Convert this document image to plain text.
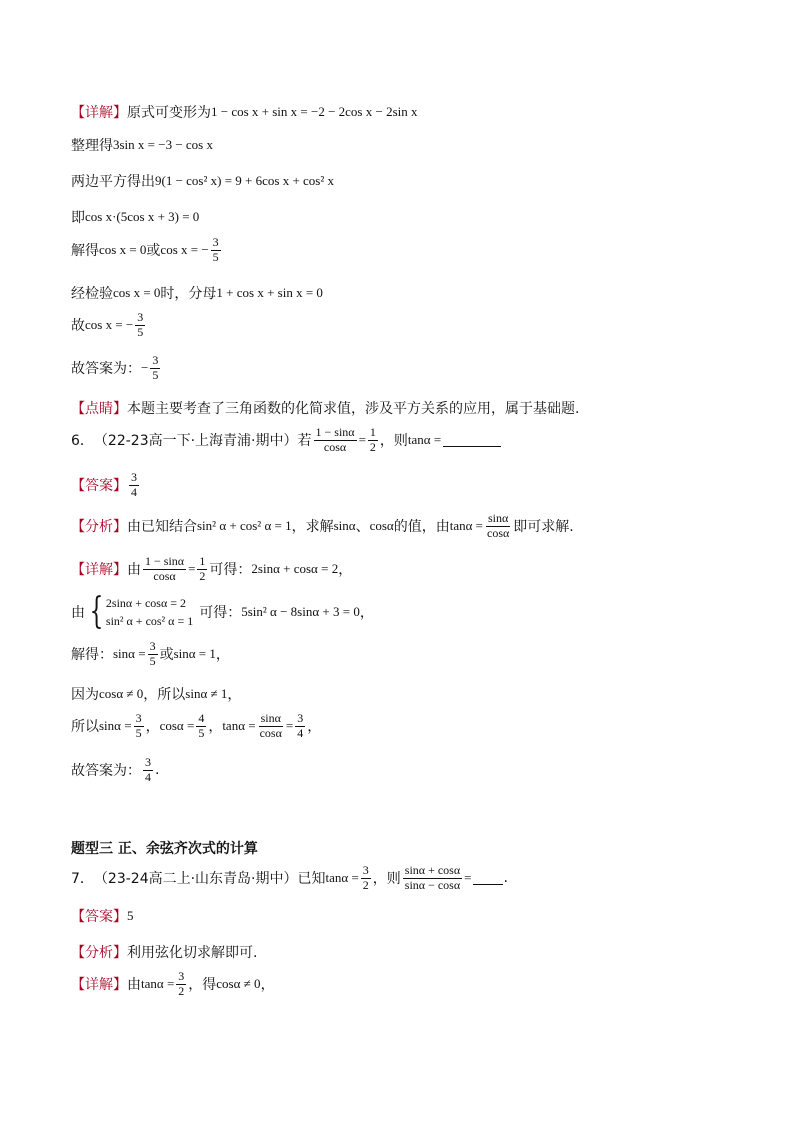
【详解】 原式可变形为 1 − cos x + sin x = −2 − 2cos x − 2sin x
整理得 3sin x = −3 − cos x
两边平方得出 9(1 − cos² x) = 9 + 6cos x + cos² x
即 cos x·(5cos x + 3) = 0
解得 cos x = 0 或 cos x = − $\frac{3}{5}$
经检验 cos x = 0 时，分母 1 + cos x + sin x = 0
故 cos x = − $\frac{3}{5}$
故答案为： − $\frac{3}{5}$
【点睛】 本题主要考查了三角函数的化简求值，涉及平方关系的应用，属于基础题.
6． （22-23高一下·上海青浦·期中） 若 $\frac{1 - \sin\alpha}{\cos\alpha} = \frac{1}{2}$ ，则 tanα =
【答案】 $\frac{3}{4}$
【分析】 由已知结合 sin² α + cos² α = 1 ，求解 sinα 、 cosα 的值，由 $\tan\alpha = \frac{\sin\alpha}{\cos\alpha}$ 即可求解.
【详解】 由 $\frac{1 - \sin\alpha}{\cos\alpha} = \frac{1}{2}$ 可得： 2sinα + cosα = 2 ，
由 { 2sinα + cosα = 2
sin² α + cos² α = 1 可得： 5sin² α − 8sinα + 3 = 0 ，
解得： $\sin\alpha = \frac{3}{5}$ 或 sinα = 1 ，
因为 cosα ≠ 0 ，所以 sinα ≠ 1 ，
所以 $\sin\alpha = \frac{3}{5}$ ， $\cos\alpha = \frac{4}{5}$ ， $\tan\alpha = \frac{\sin\alpha}{\cos\alpha} = \frac{3}{4}$ ，
故答案为： $\frac{3}{4}$ .
题型三 正、余弦齐次式的计算
7． （23-24高二上·山东青岛·期中） 已知 $\tan\alpha = \frac{3}{2}$ ，则 $\frac{\sin\alpha + \cos\alpha}{\sin\alpha - \cos\alpha}$ = .
【答案】 5
【分析】 利用弦化切求解即可.
【详解】 由 $\tan\alpha = \frac{3}{2}$ ，得 cosα ≠ 0 ，
